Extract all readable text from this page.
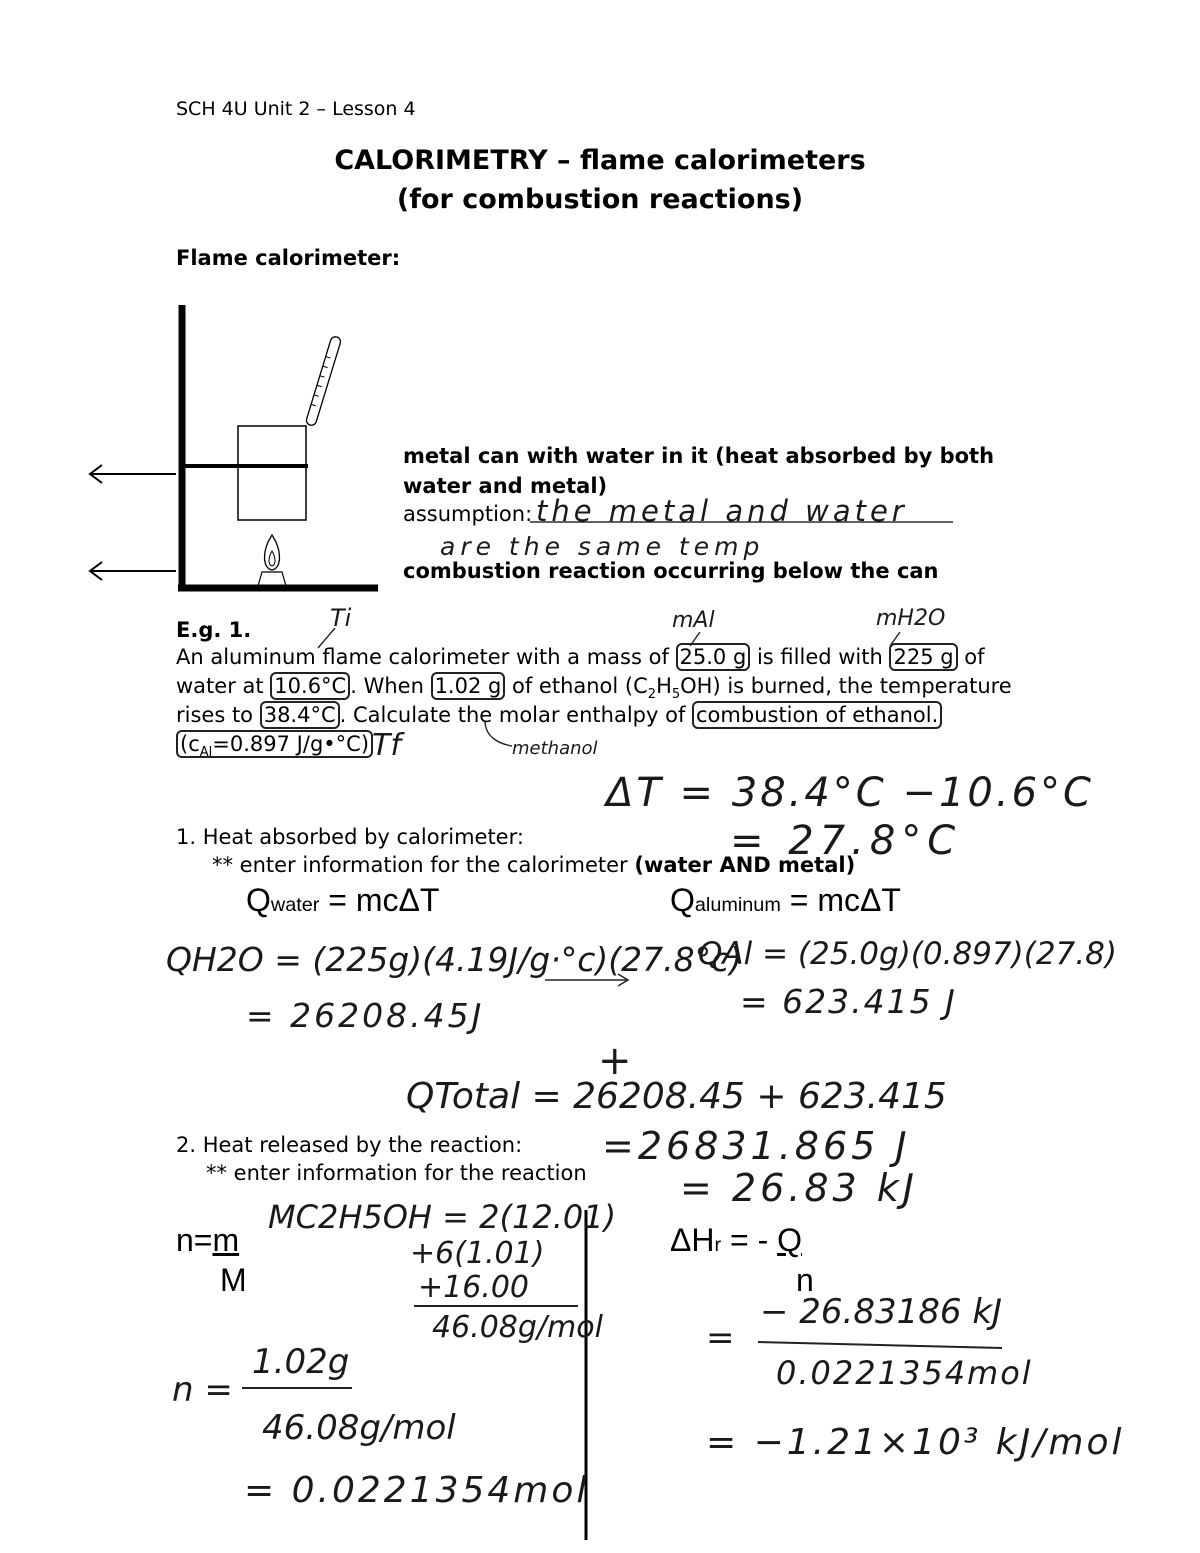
SCH 4U Unit 2 – Lesson 4
CALORIMETRY – flame calorimeters
(for combustion reactions)
Flame calorimeter:
metal can with water in it (heat absorbed by both
water and metal)
assumption: the metal and water
are the same temp
combustion reaction occurring below the can
E.g. 1.	Ti	mAl	mH2O
An aluminum flame calorimeter with a mass of 25.0 g is filled with 225 g of
water at 10.6°C . When 1.02 g of ethanol $(C_2H_5OH)$ is burned, the temperature
rises to 38.4°C . Calculate the molar enthalpy of combustion of ethanol.
($c_{Al}=0.897$ J/g•°C) Tf	methanol
ΔT = 38.4°C −10.6°C
= 27.8°C
1. Heat absorbed by calorimeter:
** enter information for the calorimeter (water AND metal)
Qwater = mcΔT	Qaluminum = mcΔT
QH2O = (225g)(4.19J/g·°c)(27.8°c)
= 26208.45J
QAl = (25.0g)(0.897)(27.8)
= 623.415 J
+
QTotal = 26208.45 + 623.415
=26831.865 J
= 26.83 kJ
2. Heat released by the reaction:
** enter information for the reaction
n=m
M
ΔHr = - Q
n
MC2H5OH = 2(12.01)
+6(1.01)
+16.00
46.08g/mol
1.02g
n =
46.08g/mol
= 0.0221354mol
− 26.83186 kJ
=
0.0221354mol
= −1.21×10³ kJ/mol
